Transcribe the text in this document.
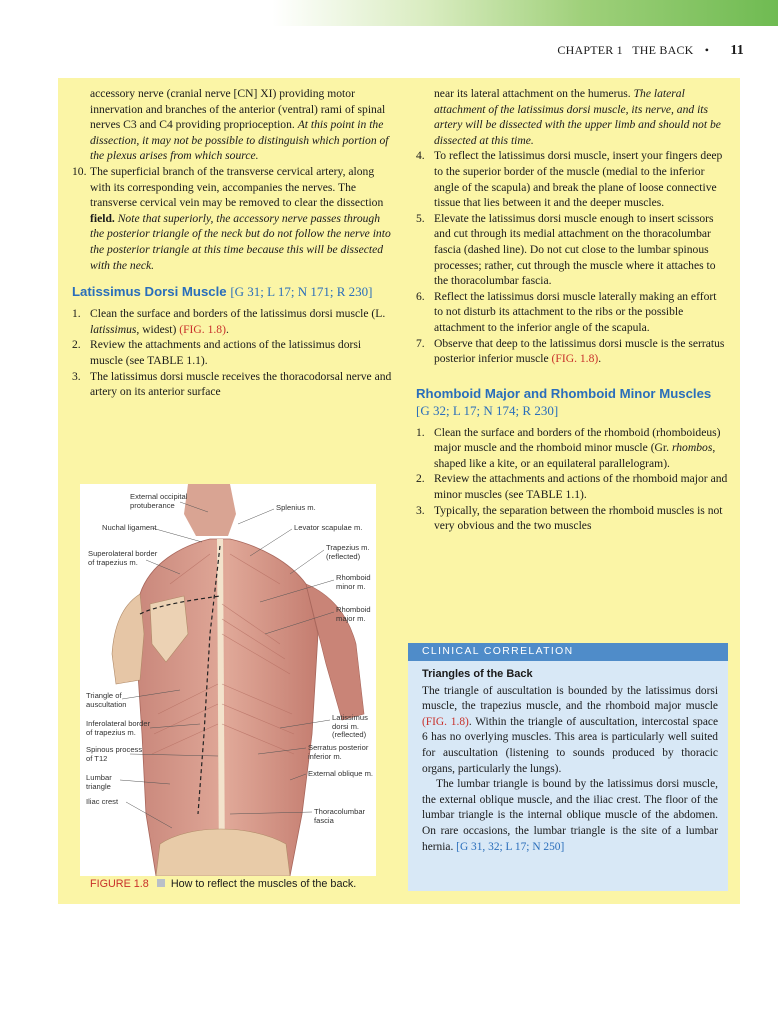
CHAPTER 1 THE BACK • 11

accessory nerve (cranial nerve [CN] XI) providing motor innervation and branches of the anterior (ventral) rami of spinal nerves C3 and C4 providing proprioception. At this point in the dissection, it may not be possible to distinguish which portion of the plexus arises from which source.

10. The superficial branch of the transverse cervical artery, along with its corresponding vein, accompanies the nerves. The transverse cervical vein may be removed to clear the dissection field. Note that superiorly, the accessory nerve passes through the posterior triangle of the neck but do not follow the nerve into the posterior triangle at this time because this will be dissected with the neck.
Latissimus Dorsi Muscle [G 31; L 17; N 171; R 230]
1. Clean the surface and borders of the latissimus dorsi muscle (L. latissimus, widest) (FIG. 1.8).
2. Review the attachments and actions of the latissimus dorsi muscle (see TABLE 1.1).
3. The latissimus dorsi muscle receives the thoracodorsal nerve and artery on its anterior surface

near its lateral attachment on the humerus. The lateral attachment of the latissimus dorsi muscle, its nerve, and its artery will be dissected with the upper limb and should not be dissected at this time.

4. To reflect the latissimus dorsi muscle, insert your fingers deep to the superior border of the muscle (medial to the inferior angle of the scapula) and break the plane of loose connective tissue that lies between it and the deeper muscles.
5. Elevate the latissimus dorsi muscle enough to insert scissors and cut through its medial attachment on the thoracolumbar fascia (dashed line). Do not cut close to the lumbar spinous processes; rather, cut through the muscle where it attaches to the thoracolumbar fascia.
6. Reflect the latissimus dorsi muscle laterally making an effort to not disturb its attachment to the ribs or the possible attachment to the inferior angle of the scapula.
7. Observe that deep to the latissimus dorsi muscle is the serratus posterior inferior muscle (FIG. 1.8).
Rhomboid Major and Rhomboid Minor Muscles [G 32; L 17; N 174; R 230]
1. Clean the surface and borders of the rhomboid (rhomboideus) major muscle and the rhomboid minor muscle (Gr. rhombos, shaped like a kite, or an equilateral parallelogram).
2. Review the attachments and actions of the rhomboid major and minor muscles (see TABLE 1.1).
3. Typically, the separation between the rhomboid muscles is not very obvious and the two muscles
External occipital
protuberance
Nuchal ligament
Superolateral border
of trapezius m.
Splenius m.
Levator scapulae m.
Trapezius m.
(reflected)
Rhomboid
minor m.
Rhomboid
major m.
Triangle of
auscultation
Inferolateral border
of trapezius m.
Spinous process
of T12
Lumbar
triangle
Iliac crest
Latissimus
dorsi m.
(reflected)
Serratus posterior
inferior m.
External oblique m.
Thoracolumbar
fascia
FIGURE 1.8 How to reflect the muscles of the back.
CLINICAL CORRELATION
Triangles of the Back

The triangle of auscultation is bounded by the latissimus dorsi muscle, the trapezius muscle, and the rhomboid major muscle (FIG. 1.8). Within the triangle of auscultation, intercostal space 6 has no overlying muscles. This area is particularly well suited for auscultation (listening to sounds produced by thoracic organs, particularly the lungs).

The lumbar triangle is bound by the latissimus dorsi muscle, the external oblique muscle, and the iliac crest. The floor of the lumbar triangle is the internal oblique muscle of the abdomen. On rare occasions, the lumbar triangle is the site of a lumbar hernia. [G 31, 32; L 17; N 250]
